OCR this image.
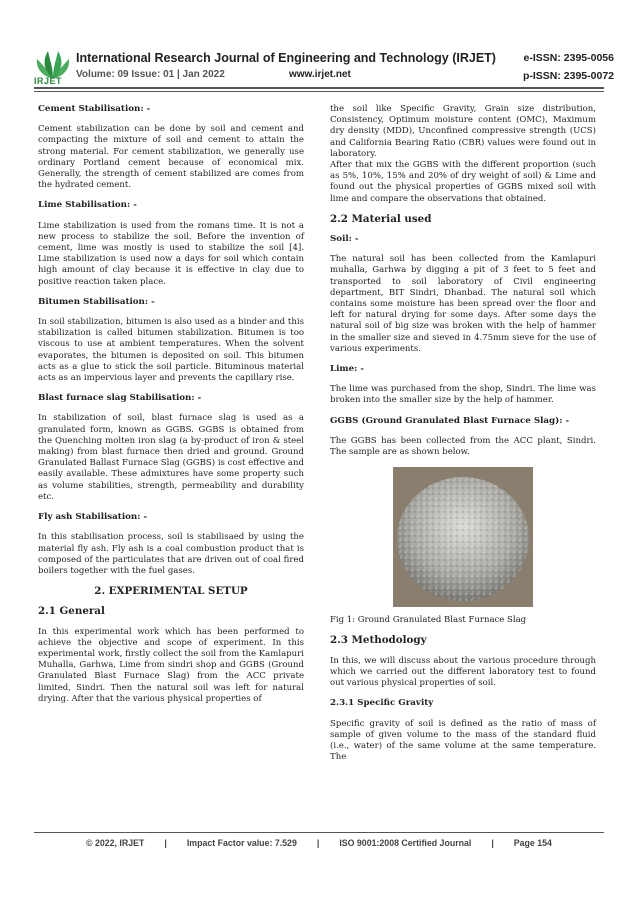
IRJET
International Research Journal of Engineering and Technology (IRJET)	e-ISSN: 2395-0056
Volume: 09 Issue: 01 | Jan 2022	www.irjet.net	p-ISSN: 2395-0072
Cement Stabilisation: -

Cement stabilization can be done by soil and cement and compacting the mixture of soil and cement to attain the strong material. For cement stabilization, we generally use ordinary Portland cement because of economical mix. Generally, the strength of cement stabilized are comes from the hydrated cement.

Lime Stabilisation: -

Lime stabilization is used from the romans time. It is not a new process to stabilize the soil. Before the invention of cement, lime was mostly is used to stabilize the soil [4]. Lime stabilization is used now a days for soil which contain high amount of clay because it is effective in clay due to positive reaction taken place.

Bitumen Stabilisation: -

In soil stabilization, bitumen is also used as a binder and this stabilization is called bitumen stabilization. Bitumen is too viscous to use at ambient temperatures. When the solvent evaporates, the bitumen is deposited on soil. This bitumen acts as a glue to stick the soil particle. Bituminous material acts as an impervious layer and prevents the capillary rise.

Blast furnace slag Stabilisation: -

In stabilization of soil, blast furnace slag is used as a granulated form, known as GGBS. GGBS is obtained from the Quenching molten iron slag (a by-product of iron & steel making) from blast furnace then dried and ground. Ground Granulated Ballast Furnace Slag (GGBS) is cost effective and easily available. These admixtures have some property such as volume stabilities, strength, permeability and durability etc.

Fly ash Stabilisation: -

In this stabilisation process, soil is stabilisaed by using the material fly ash. Fly ash is a coal combustion product that is composed of the particulates that are driven out of coal fired boilers together with the fuel gases.

2. EXPERIMENTAL SETUP
2.1 General

In this experimental work which has been performed to achieve the objective and scope of experiment. In this experimental work, firstly collect the soil from the Kamlapuri Muhalla, Garhwa, Lime from sindri shop and GGBS (Ground Granulated Blast Furnace Slag) from the ACC private limited, Sindri. Then the natural soil was left for natural drying. After that the various physical properties of

the soil like Specific Gravity, Grain size distribution, Consistency, Optimum moisture content (OMC), Maximum dry density (MDD), Unconfined compressive strength (UCS) and California Bearing Ratio (CBR) values were found out in laboratory.

After that mix the GGBS with the different proportion (such as 5%, 10%, 15% and 20% of dry weight of soil) & Lime and found out the physical properties of GGBS mixed soil with lime and compare the observations that obtained.

2.2 Material used
Soil: -

The natural soil has been collected from the Kamlapuri muhalla, Garhwa by digging a pit of 3 feet to 5 feet and transported to soil laboratory of Civil engineering department, BIT Sindri, Dhanbad. The natural soil which contains some moisture has been spread over the floor and left for natural drying for some days. After some days the natural soil of big size was broken with the help of hammer in the smaller size and sieved in 4.75mm sieve for the use of various experiments.

Lime: -

The lime was purchased from the shop, Sindri. The lime was broken into the smaller size by the help of hammer.

GGBS (Ground Granulated Blast Furnace Slag): -

The GGBS has been collected from the ACC plant, Sindri. The sample are as shown below.

Fig 1: Ground Granulated Blast Furnace Slag

2.3 Methodology

In this, we will discuss about the various procedure through which we carried out the different laboratory test to found out various physical properties of soil.

2.3.1 Specific Gravity

Specific gravity of soil is defined as the ratio of mass of sample of given volume to the mass of the standard fluid (i.e., water) of the same volume at the same temperature. The

© 2022, IRJET | Impact Factor value: 7.529 | ISO 9001:2008 Certified Journal | Page 154
